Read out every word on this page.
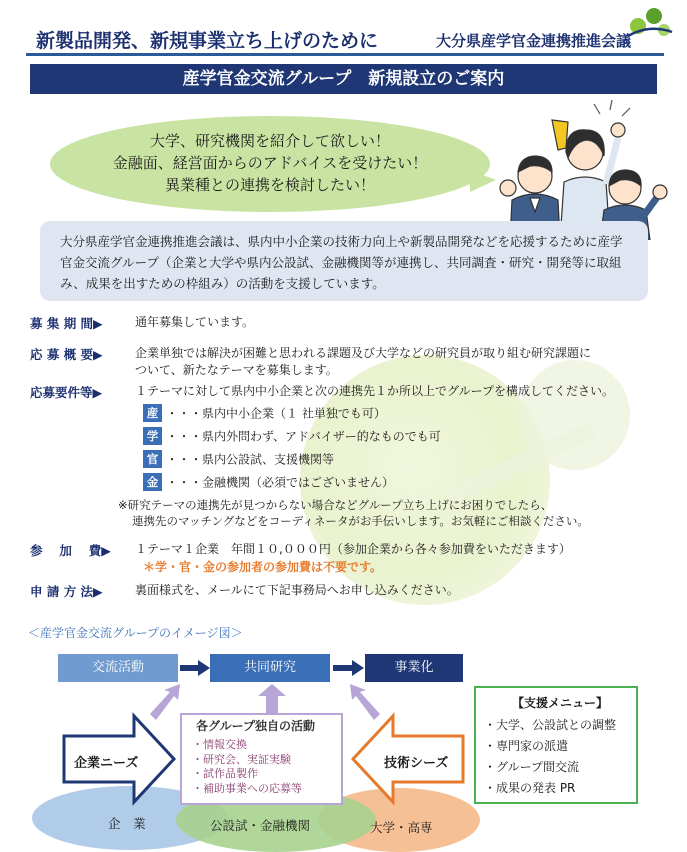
新製品開発、新規事業立ち上げのために	大分県産学官金連携推進会議
産学官金交流グループ　新規設立のご案内
大学、研究機関を紹介して欲しい！
金融面、経営面からのアドバイスを受けたい！
異業種との連携を検討したい！
大分県産学官金連携推進会議は、県内中小企業の技術力向上や新製品開発などを応援するために産学官金交流グループ（企業と大学や県内公設試、金融機関等が連携し、共同調査・研究・開発等に取組み、成果を出すための枠組み）の活動を支援しています。
募 集 期 間▶	通年募集しています。
応 募 概 要▶	企業単独では解決が困難と思われる課題及び大学などの研究員が取り組む研究課題に
ついて、新たなテーマを募集します。
応募要件等▶	１テーマに対して県内中小企業と次の連携先１か所以上でグループを構成してください。
産 ・・・県内中小企業（１ 社単独でも可）
学 ・・・県内外問わず、アドバイザー的なものでも可
官 ・・・県内公設試、支援機関等
金 ・・・金融機関（必須ではございません）
※研究テーマの連携先が見つからない場合などグループ立ち上げにお困りでしたら、
連携先のマッチングなどをコーディネータがお手伝いします。お気軽にご相談ください。
参　 加　 費▶ １テーマ１企業　年間１０,０００円（参加企業から各々参加費をいただきます）
＊学・官・金の参加者の参加費は不要です。
申 請 方 法▶	裏面様式を、メールにて下記事務局へお申し込みください。
＜産学官金交流グループのイメージ図＞
交流活動	共同研究	事業化
企　業	公設試・金融機関	大学・高専
企業ニーズ	技術シーズ
各グループ独自の活動
・情報交換
・研究会、実証実験
・試作品製作
・補助事業への応募等
【支援メニュー】
・大学、公設試との調整
・専門家の派遣
・グループ間交流
・成果の発表 PR
